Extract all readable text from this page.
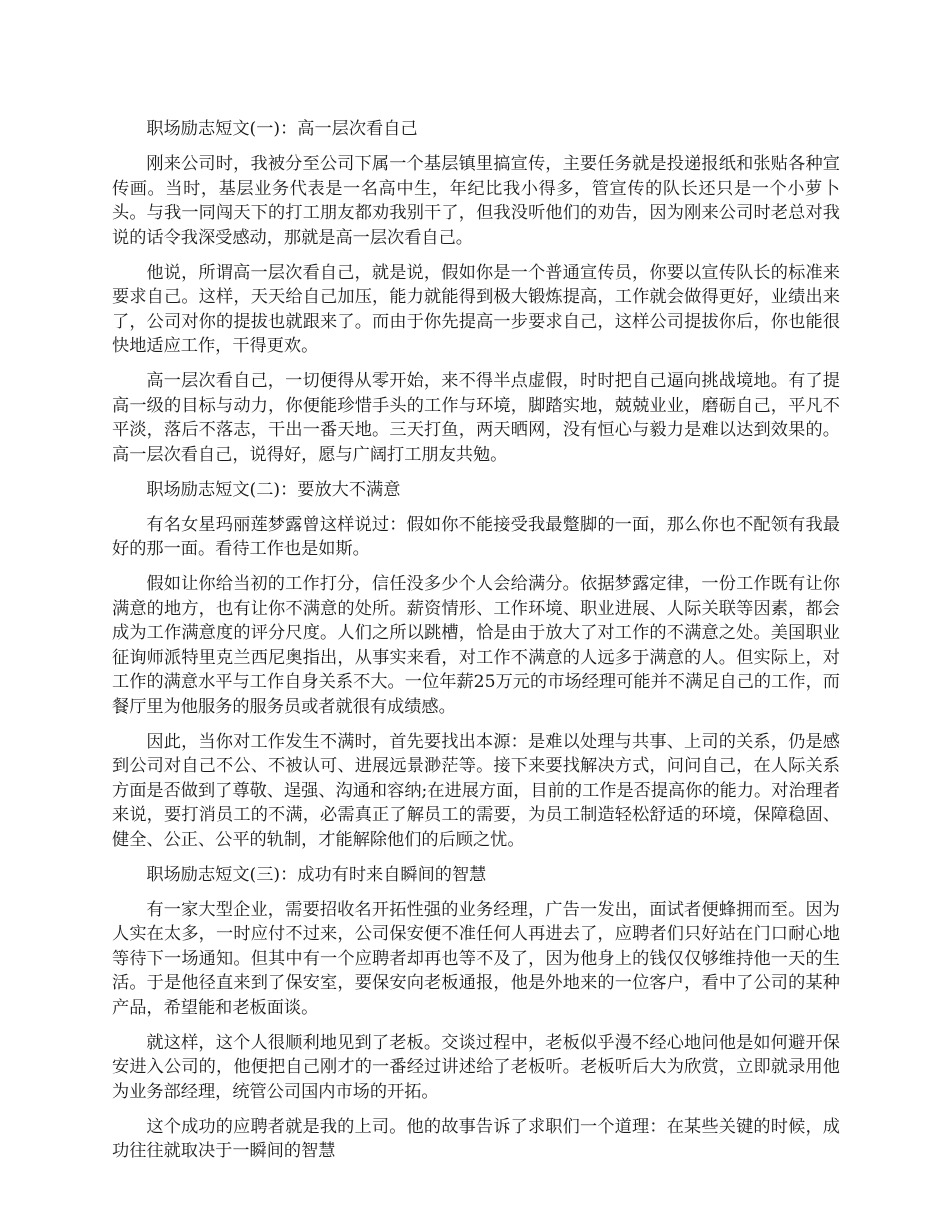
职场励志短文(一)：高一层次看自己

刚来公司时，我被分至公司下属一个基层镇里搞宣传，主要任务就是投递报纸和张贴各种宣传画。当时，基层业务代表是一名高中生，年纪比我小得多，管宣传的队长还只是一个小萝卜头。与我一同闯天下的打工朋友都劝我别干了，但我没听他们的劝告，因为刚来公司时老总对我说的话令我深受感动，那就是高一层次看自己。

他说，所谓高一层次看自己，就是说，假如你是一个普通宣传员，你要以宣传队长的标准来要求自己。这样，天天给自己加压，能力就能得到极大锻炼提高，工作就会做得更好，业绩出来了，公司对你的提拔也就跟来了。而由于你先提高一步要求自己，这样公司提拔你后，你也能很快地适应工作，干得更欢。

高一层次看自己，一切便得从零开始，来不得半点虚假，时时把自己逼向挑战境地。有了提高一级的目标与动力，你便能珍惜手头的工作与环境，脚踏实地，兢兢业业，磨砺自己，平凡不平淡，落后不落志，干出一番天地。三天打鱼，两天晒网，没有恒心与毅力是难以达到效果的。高一层次看自己，说得好，愿与广阔打工朋友共勉。

职场励志短文(二)：要放大不满意

有名女星玛丽莲梦露曾这样说过：假如你不能接受我最蹩脚的一面，那么你也不配领有我最好的那一面。看待工作也是如斯。

假如让你给当初的工作打分，信任没多少个人会给满分。依据梦露定律，一份工作既有让你满意的地方，也有让你不满意的处所。薪资情形、工作环境、职业进展、人际关联等因素，都会成为工作满意度的评分尺度。人们之所以跳槽，恰是由于放大了对工作的不满意之处。美国职业征询师派特里克兰西尼奥指出，从事实来看，对工作不满意的人远多于满意的人。但实际上，对工作的满意水平与工作自身关系不大。一位年薪25万元的市场经理可能并不满足自己的工作，而餐厅里为他服务的服务员或者就很有成绩感。

因此，当你对工作发生不满时，首先要找出本源：是难以处理与共事、上司的关系，仍是感到公司对自己不公、不被认可、进展远景渺茫等。接下来要找解决方式，问问自己，在人际关系方面是否做到了尊敬、逞强、沟通和容纳;在进展方面，目前的工作是否提高你的能力。对治理者来说，要打消员工的不满，必需真正了解员工的需要，为员工制造轻松舒适的环境，保障稳固、健全、公正、公平的轨制，才能解除他们的后顾之忧。

职场励志短文(三)：成功有时来自瞬间的智慧

有一家大型企业，需要招收名开拓性强的业务经理，广告一发出，面试者便蜂拥而至。因为人实在太多，一时应付不过来，公司保安便不准任何人再进去了，应聘者们只好站在门口耐心地等待下一场通知。但其中有一个应聘者却再也等不及了，因为他身上的钱仅仅够维持他一天的生活。于是他径直来到了保安室，要保安向老板通报，他是外地来的一位客户，看中了公司的某种产品，希望能和老板面谈。

就这样，这个人很顺利地见到了老板。交谈过程中，老板似乎漫不经心地问他是如何避开保安进入公司的，他便把自己刚才的一番经过讲述给了老板听。老板听后大为欣赏，立即就录用他为业务部经理，统管公司国内市场的开拓。

这个成功的应聘者就是我的上司。他的故事告诉了求职们一个道理：在某些关键的时候，成功往往就取决于一瞬间的智慧
